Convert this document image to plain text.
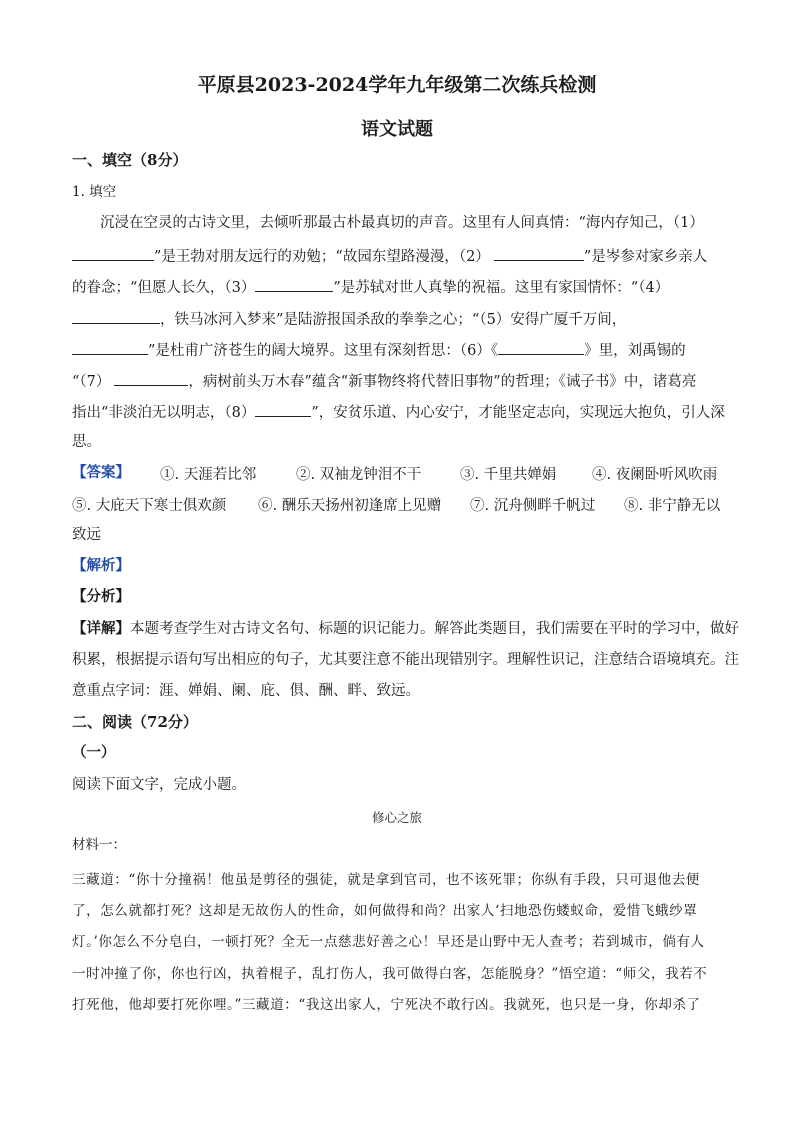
平原县2023-2024学年九年级第二次练兵检测
语文试题
一、填空（8分）
1. 填空
沉浸在空灵的古诗文里，去倾听那最古朴最真切的声音。这里有人间真情：“海内存知己，（1）
”是王勃对朋友远行的劝勉；“故园东望路漫漫，（2）	”是岑参对家乡亲人
的眷念；“但愿人长久，（3）	”是苏轼对世人真挚的祝福。这里有家国情怀：“（4）
，铁马冰河入梦来”是陆游报国杀敌的拳拳之心；“（5）安得广厦千万间，
”是杜甫广济苍生的阔大境界。这里有深刻哲思：（6）《	》里，刘禹锡的
“（7）	，病树前头万木春”蕴含“新事物终将代替旧事物”的哲理；《诫子书》中，诸葛亮
指出“非淡泊无以明志，（8）	”，安贫乐道、内心安宁，才能坚定志向，实现远大抱负，引人深
思。
【答案】 ①. 天涯若比邻	②. 双袖龙钟泪不干	③. 千里共婵娟 ④. 夜阑卧听风吹雨
⑤. 大庇天下寒士俱欢颜 ⑥. 酬乐天扬州初逢席上见赠 ⑦. 沉舟侧畔千帆过 ⑧. 非宁静无以
致远
【解析】
【分析】
【详解】本题考查学生对古诗文名句、标题的识记能力。解答此类题目，我们需要在平时的学习中，做好
积累，根据提示语句写出相应的句子，尤其要注意不能出现错别字。理解性识记，注意结合语境填充。注
意重点字词：涯、婵娟、阑、庇、俱、酬、畔、致远。
二、阅读（72分）
（一）
阅读下面文字，完成小题。
修心之旅
材料一：
三藏道：“你十分撞祸！他虽是剪径的强徒，就是拿到官司，也不该死罪；你纵有手段，只可退他去便
了，怎么就都打死？这却是无故伤人的性命，如何做得和尚？出家人‘扫地恐伤蝼蚁命，爱惜飞蛾纱罩
灯。’你怎么不分皂白，一顿打死？全无一点慈悲好善之心！早还是山野中无人查考；若到城市，倘有人
一时冲撞了你，你也行凶，执着棍子，乱打伤人，我可做得白客，怎能脱身？”悟空道：“师父，我若不
打死他，他却要打死你哩。”三藏道：“我这出家人，宁死决不敢行凶。我就死，也只是一身，你却杀了
